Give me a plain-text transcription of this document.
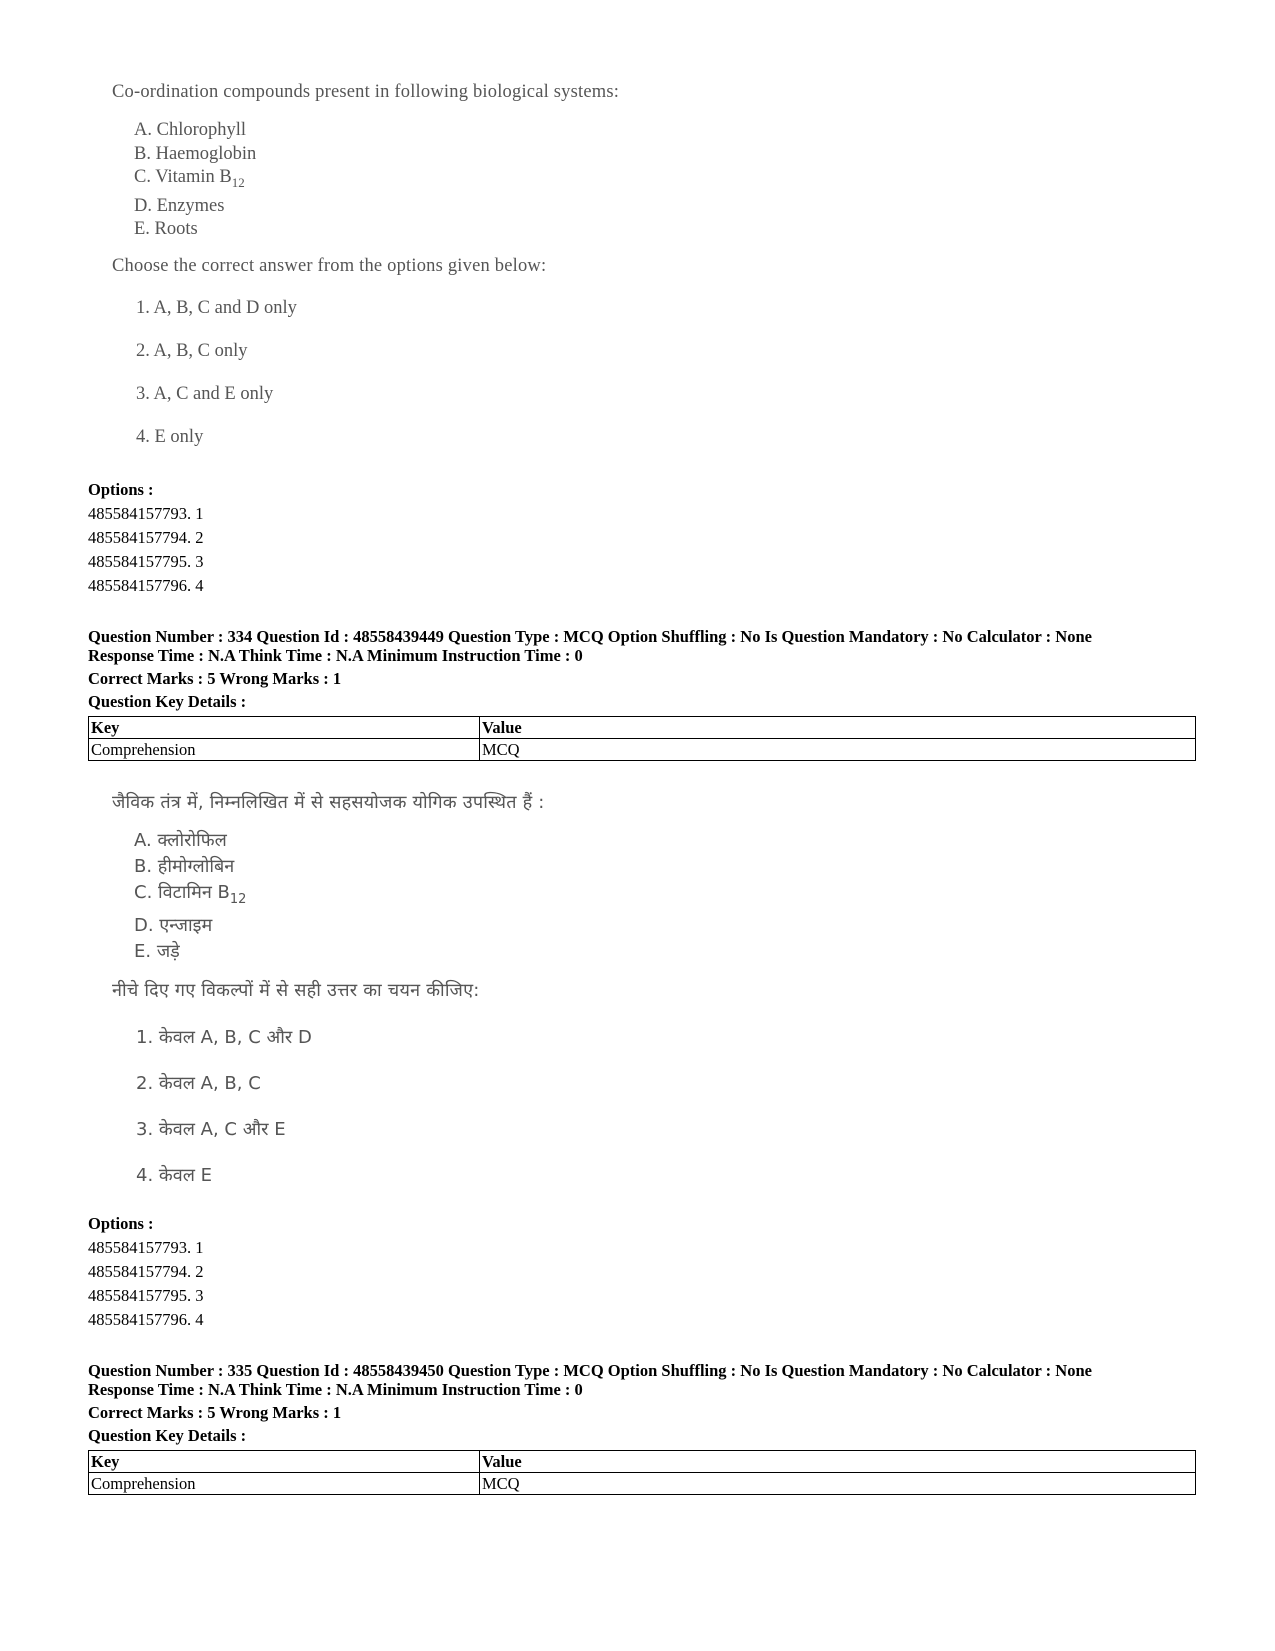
Co-ordination compounds present in following biological systems:
A. Chlorophyll
B. Haemoglobin
C. Vitamin $B_{12}$
D. Enzymes
E. Roots
Choose the correct answer from the options given below:
1. A, B, C and D only
2. A, B, C only
3. A, C and E only
4. E only
Options :
485584157793. 1
485584157794. 2
485584157795. 3
485584157796. 4
Question Number : 334 Question Id : 48558439449 Question Type : MCQ Option Shuffling : No Is Question Mandatory : No Calculator : None
Response Time : N.A Think Time : N.A Minimum Instruction Time : 0
Correct Marks : 5 Wrong Marks : 1
Question Key Details :
Key	Value
Comprehension	MCQ
जैविक तंत्र में, निम्नलिखित में से सहसयोजक योगिक उपस्थित हैं :
A. क्लोरोफिल
B. हीमोग्लोबिन
C. विटामिन $B_{12}$
D. एन्जाइम
E. जड़े
नीचे दिए गए विकल्पों में से सही उत्तर का चयन कीजिए:
1. केवल A, B, C और D
2. केवल A, B, C
3. केवल A, C और E
4. केवल E
Options :
485584157793. 1
485584157794. 2
485584157795. 3
485584157796. 4
Question Number : 335 Question Id : 48558439450 Question Type : MCQ Option Shuffling : No Is Question Mandatory : No Calculator : None
Response Time : N.A Think Time : N.A Minimum Instruction Time : 0
Correct Marks : 5 Wrong Marks : 1
Question Key Details :
Key	Value
Comprehension	MCQ
